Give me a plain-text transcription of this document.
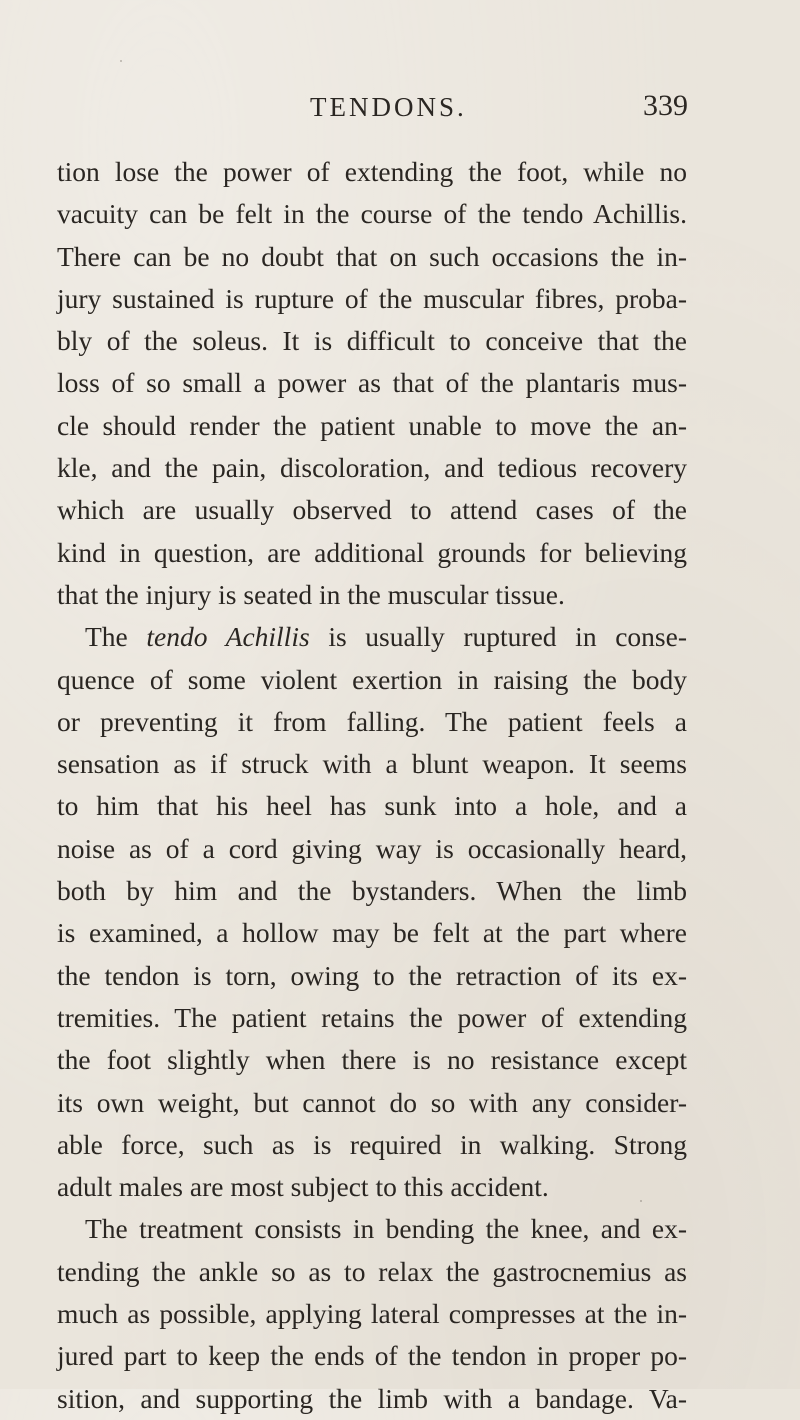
TENDONS.	339

tion lose the power of extending the foot, while no
vacuity can be felt in the course of the tendo Achillis.
There can be no doubt that on such occasions the in-
jury sustained is rupture of the muscular fibres, proba-
bly of the soleus. It is difficult to conceive that the
loss of so small a power as that of the plantaris mus-
cle should render the patient unable to move the an-
kle, and the pain, discoloration, and tedious recovery
which are usually observed to attend cases of the
kind in question, are additional grounds for believing
that the injury is seated in the muscular tissue.

The tendo Achillis is usually ruptured in conse-
quence of some violent exertion in raising the body
or preventing it from falling. The patient feels a
sensation as if struck with a blunt weapon. It seems
to him that his heel has sunk into a hole, and a
noise as of a cord giving way is occasionally heard,
both by him and the bystanders. When the limb
is examined, a hollow may be felt at the part where
the tendon is torn, owing to the retraction of its ex-
tremities. The patient retains the power of extending
the foot slightly when there is no resistance except
its own weight, but cannot do so with any consider-
able force, such as is required in walking. Strong
adult males are most subject to this accident.

The treatment consists in bending the knee, and ex-
tending the ankle so as to relax the gastrocnemius as
much as possible, applying lateral compresses at the in-
jured part to keep the ends of the tendon in proper po-
sition, and supporting the limb with a bandage. Va-
